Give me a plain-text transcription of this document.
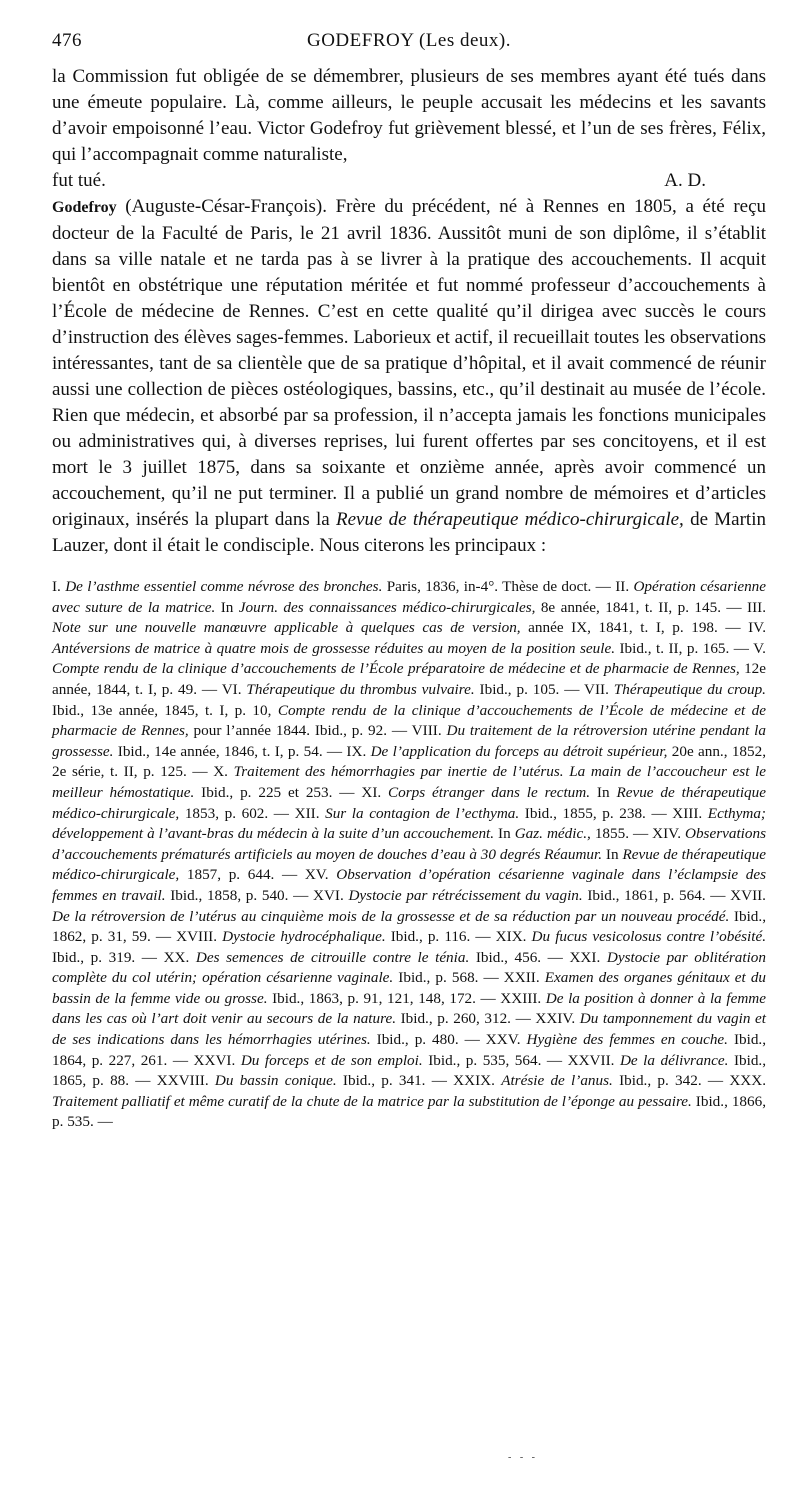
476	GODEFROY (Les deux).

la Commission fut obligée de se démembrer, plusieurs de ses membres ayant été tués dans une émeute populaire. Là, comme ailleurs, le peuple accusait les médecins et les savants d’avoir empoisonné l’eau. Victor Godefroy fut grièvement blessé, et l’un de ses frères, Félix, qui l’accompagnait comme naturaliste,

fut tué.	A. D.

Godefroy (Auguste-César-François). Frère du précédent, né à Rennes en 1805, a été reçu docteur de la Faculté de Paris, le 21 avril 1836. Aussitôt muni de son diplôme, il s’établit dans sa ville natale et ne tarda pas à se livrer à la pratique des accouchements. Il acquit bientôt en obstétrique une réputation méritée et fut nommé professeur d’accouchements à l’École de médecine de Rennes. C’est en cette qualité qu’il dirigea avec succès le cours d’instruction des élèves sages-femmes. Laborieux et actif, il recueillait toutes les observations intéressantes, tant de sa clientèle que de sa pratique d’hôpital, et il avait commencé de réunir aussi une collection de pièces ostéologiques, bassins, etc., qu’il destinait au musée de l’école. Rien que médecin, et absorbé par sa profession, il n’accepta jamais les fonctions municipales ou administratives qui, à diverses reprises, lui furent offertes par ses concitoyens, et il est mort le 3 juillet 1875, dans sa soixante et onzième année, après avoir commencé un accouchement, qu’il ne put terminer. Il a publié un grand nombre de mémoires et d’articles originaux, insérés la plupart dans la Revue de thérapeutique médico-chirurgicale, de Martin Lauzer, dont il était le condisciple. Nous citerons les principaux :

I. De l’asthme essentiel comme névrose des bronches. Paris, 1836, in-4°. Thèse de doct. — II. Opération césarienne avec suture de la matrice. In Journ. des connaissances médico-chirurgicales, 8e année, 1841, t. II, p. 145. — III. Note sur une nouvelle manœuvre applicable à quelques cas de version, année IX, 1841, t. I, p. 198. — IV. Antéversions de matrice à quatre mois de grossesse réduites au moyen de la position seule. Ibid., t. II, p. 165. — V. Compte rendu de la clinique d’accouchements de l’École préparatoire de médecine et de pharmacie de Rennes, 12e année, 1844, t. I, p. 49. — VI. Thérapeutique du thrombus vulvaire. Ibid., p. 105. — VII. Thérapeutique du croup. Ibid., 13e année, 1845, t. I, p. 10, Compte rendu de la clinique d’accouchements de l’École de médecine et de pharmacie de Rennes, pour l’année 1844. Ibid., p. 92. — VIII. Du traitement de la rétroversion utérine pendant la grossesse. Ibid., 14e année, 1846, t. I, p. 54. — IX. De l’application du forceps au détroit supérieur, 20e ann., 1852, 2e série, t. II, p. 125. — X. Traitement des hémorrhagies par inertie de l’utérus. La main de l’accoucheur est le meilleur hémostatique. Ibid., p. 225 et 253. — XI. Corps étranger dans le rectum. In Revue de thérapeutique médico-chirurgicale, 1853, p. 602. — XII. Sur la contagion de l’ecthyma. Ibid., 1855, p. 238. — XIII. Ecthyma; développement à l’avant-bras du médecin à la suite d’un accouchement. In Gaz. médic., 1855. — XIV. Observations d’accouchements prématurés artificiels au moyen de douches d’eau à 30 degrés Réaumur. In Revue de thérapeutique médico-chirurgicale, 1857, p. 644. — XV. Observation d’opération césarienne vaginale dans l’éclampsie des femmes en travail. Ibid., 1858, p. 540. — XVI. Dystocie par rétrécissement du vagin. Ibid., 1861, p. 564. — XVII. De la rétroversion de l’utérus au cinquième mois de la grossesse et de sa réduction par un nouveau procédé. Ibid., 1862, p. 31, 59. — XVIII. Dystocie hydrocéphalique. Ibid., p. 116. — XIX. Du fucus vesicolosus contre l’obésité. Ibid., p. 319. — XX. Des semences de citrouille contre le ténia. Ibid., 456. — XXI. Dystocie par oblitération complète du col utérin; opération césarienne vaginale. Ibid., p. 568. — XXII. Examen des organes génitaux et du bassin de la femme vide ou grosse. Ibid., 1863, p. 91, 121, 148, 172. — XXIII. De la position à donner à la femme dans les cas où l’art doit venir au secours de la nature. Ibid., p. 260, 312. — XXIV. Du tamponnement du vagin et de ses indications dans les hémorrhagies utérines. Ibid., p. 480. — XXV. Hygiène des femmes en couche. Ibid., 1864, p. 227, 261. — XXVI. Du forceps et de son emploi. Ibid., p. 535, 564. — XXVII. De la délivrance. Ibid., 1865, p. 88. — XXVIII. Du bassin conique. Ibid., p. 341. — XXIX. Atrésie de l’anus. Ibid., p. 342. — XXX. Traitement palliatif et même curatif de la chute de la matrice par la substitution de l’éponge au pessaire. Ibid., 1866, p. 535. —

- - -
